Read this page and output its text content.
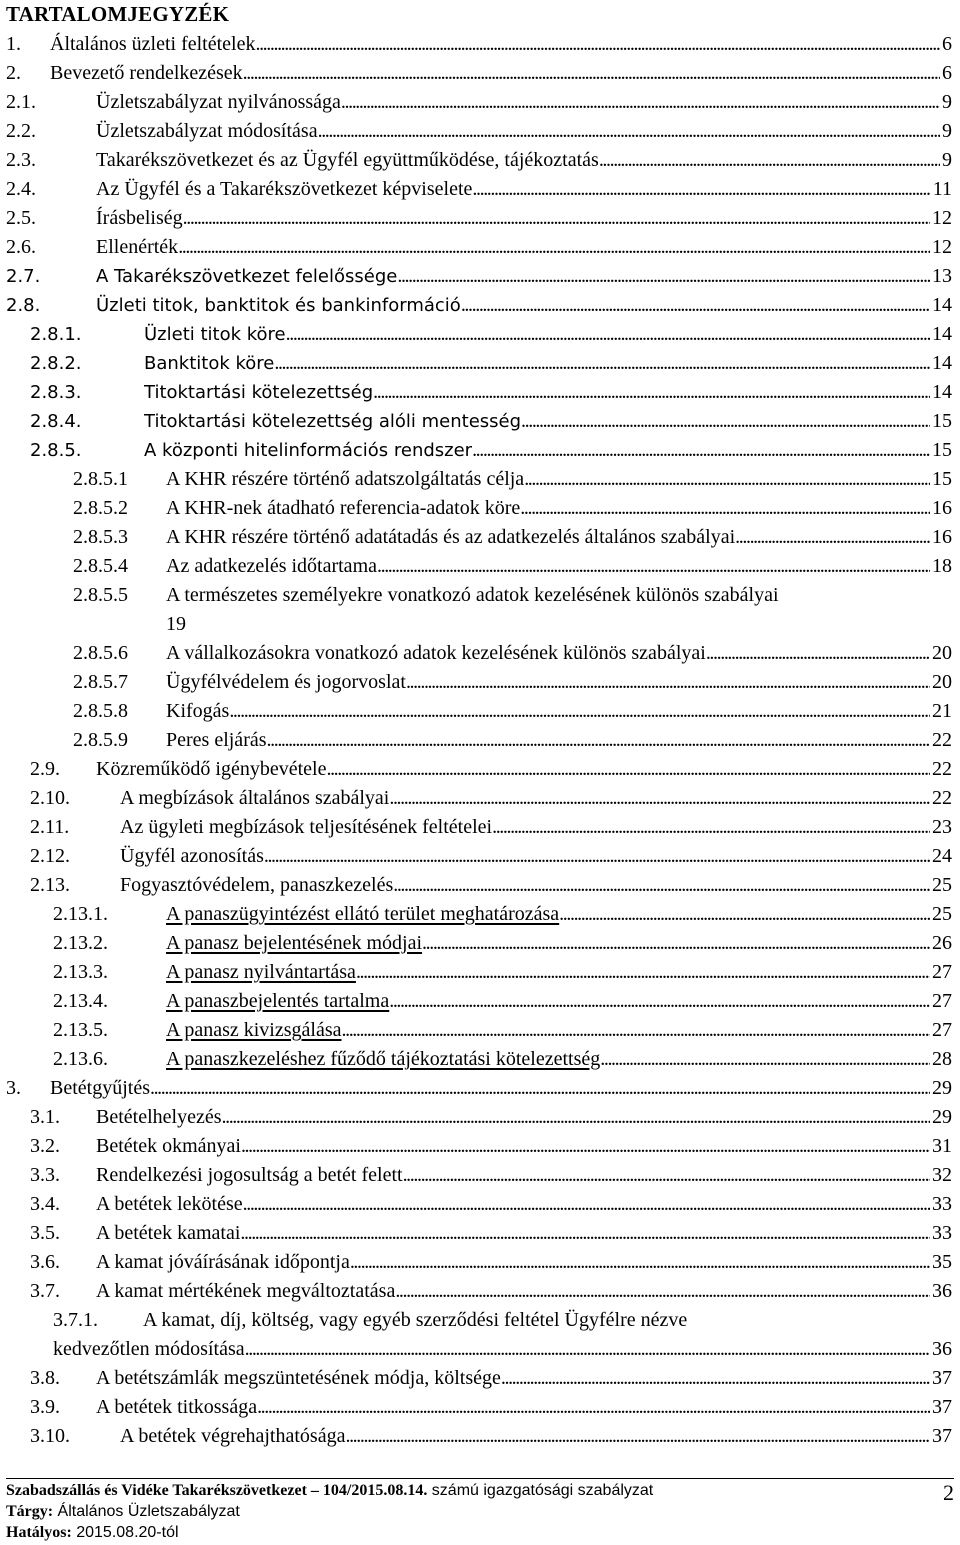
TARTALOMJEGYZÉK
1. Általános üzleti feltételek . . .	6
2. Bevezető rendelkezések . . .	6
2.1.	Üzletszabályzat nyilvánossága . . .	9
2.2.	Üzletszabályzat módosítása . . .	9
2.3.	Takarékszövetkezet és az Ügyfél együttműködése, tájékoztatás . . .	9
2.4.	Az Ügyfél és a Takarékszövetkezet képviselete . . .	11
2.5.	Írásbeliség . . .	12
2.6.	Ellenérték . . .	12
2.7.	A Takarékszövetkezet felelőssége . . .	13
2.8.	Üzleti titok, banktitok és bankinformáció . . .	14
2.8.1.	Üzleti titok köre . . .	14
2.8.2.	Banktitok köre . . .	14
2.8.3.	Titoktartási kötelezettség . . .	14
2.8.4.	Titoktartási kötelezettség alóli mentesség . . .	15
2.8.5.	A központi hitelinformációs rendszer . . .	15
2.8.5.1 A KHR részére történő adatszolgáltatás célja . . .	15
2.8.5.2 A KHR-nek átadható referencia-adatok köre . . .	16
2.8.5.3 A KHR részére történő adatátadás és az adatkezelés általános szabályai . . .	16
2.8.5.4 Az adatkezelés időtartama . . .	18
2.8.5.5 A természetes személyekre vonatkozó adatok kezelésének különös szabályai
19
2.8.5.6 A vállalkozásokra vonatkozó adatok kezelésének különös szabályai . . .	20
2.8.5.7 Ügyfélvédelem és jogorvoslat . . .	20
2.8.5.8 Kifogás . . .	21
2.8.5.9 Peres eljárás . . .	22
2.9. Közreműködő igénybevétele . . .	22
2.10.	A megbízások általános szabályai . . .	22
2.11.	Az ügyleti megbízások teljesítésének feltételei . . .	23
2.12.	Ügyfél azonosítás . . .	24
2.13.	Fogyasztóvédelem, panaszkezelés . . .	25
2.13.1.	A panaszügyintézést ellátó terület meghatározása . . .	25
2.13.2.	A panasz bejelentésének módjai . . .	26
2.13.3.	A panasz nyilvántartása . . .	27
2.13.4.	A panaszbejelentés tartalma . . .	27
2.13.5.	A panasz kivizsgálása . . .	27
2.13.6.	A panaszkezeléshez fűződő tájékoztatási kötelezettség . . .	28
3. Betétgyűjtés . . .	29
3.1. Betételhelyezés . . .	29
3.2. Betétek okmányai . . .	31
3.3. Rendelkezési jogosultság a betét felett . . .	32
3.4. A betétek lekötése . . .	33
3.5. A betétek kamatai . . .	33
3.6. A kamat jóváírásának időpontja . . .	35
3.7. A kamat mértékének megváltoztatása . . .	36
3.7.1. A kamat, díj, költség, vagy egyéb szerződési feltétel Ügyfélre nézve
kedvezőtlen módosítása . . .	36
3.8. A betétszámlák megszüntetésének módja, költsége . . .	37
3.9. A betétek titkossága . . .	37
3.10.	A betétek végrehajthatósága . . .	37
Szabadszállás és Vidéke Takarékszövetkezet – 104/2015.08.14. számú igazgatósági szabályzat
Tárgy: Általános Üzletszabályzat
Hatályos: 2015.08.20-tól
2
